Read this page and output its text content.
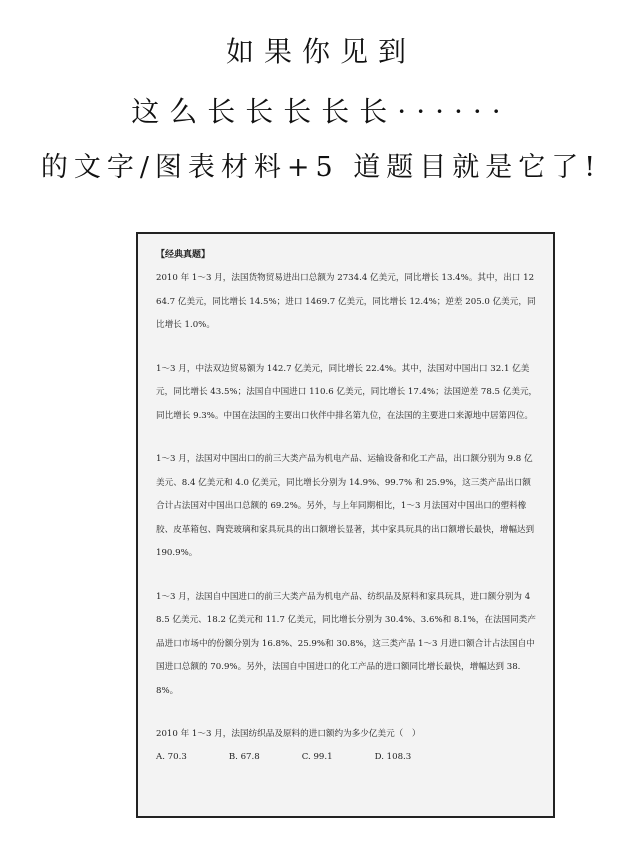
如果你见到
这么长长长长长······
的文字/图表材料+5 道题目就是它了!
【经典真题】

2010 年 1～3 月，法国货物贸易进出口总额为 2734.4 亿美元，同比增长 13.4%。其中，出口 1264.7 亿美元，同比增长 14.5%；进口 1469.7 亿美元，同比增长 12.4%；逆差 205.0 亿美元，同比增长 1.0%。

1～3 月，中法双边贸易额为 142.7 亿美元，同比增长 22.4%。其中，法国对中国出口 32.1 亿美元，同比增长 43.5%；法国自中国进口 110.6 亿美元，同比增长 17.4%；法国逆差 78.5 亿美元，同比增长 9.3%。中国在法国的主要出口伙伴中排名第九位，在法国的主要进口来源地中居第四位。

1～3 月，法国对中国出口的前三大类产品为机电产品、运输设备和化工产品，出口额分别为 9.8 亿美元、8.4 亿美元和 4.0 亿美元，同比增长分别为 14.9%、99.7% 和 25.9%，这三类产品出口额合计占法国对中国出口总额的 69.2%。另外，与上年同期相比，1～3 月法国对中国出口的塑料橡胶、皮革箱包、陶瓷玻璃和家具玩具的出口额增长显著，其中家具玩具的出口额增长最快，增幅达到 190.9%。

1～3 月，法国自中国进口的前三大类产品为机电产品、纺织品及原料和家具玩具，进口额分别为 48.5 亿美元、18.2 亿美元和 11.7 亿美元，同比增长分别为 30.4%、3.6%和 8.1%，在法国同类产品进口市场中的份额分别为 16.8%、25.9%和 30.8%，这三类产品 1～3 月进口额合计占法国自中国进口总额的 70.9%。另外，法国自中国进口的化工产品的进口额同比增长最快，增幅达到 38.8%。

2010 年 1～3 月，法国纺织品及原料的进口额约为多少亿美元（　）

A. 70.3	B. 67.8	C. 99.1	D. 108.3
